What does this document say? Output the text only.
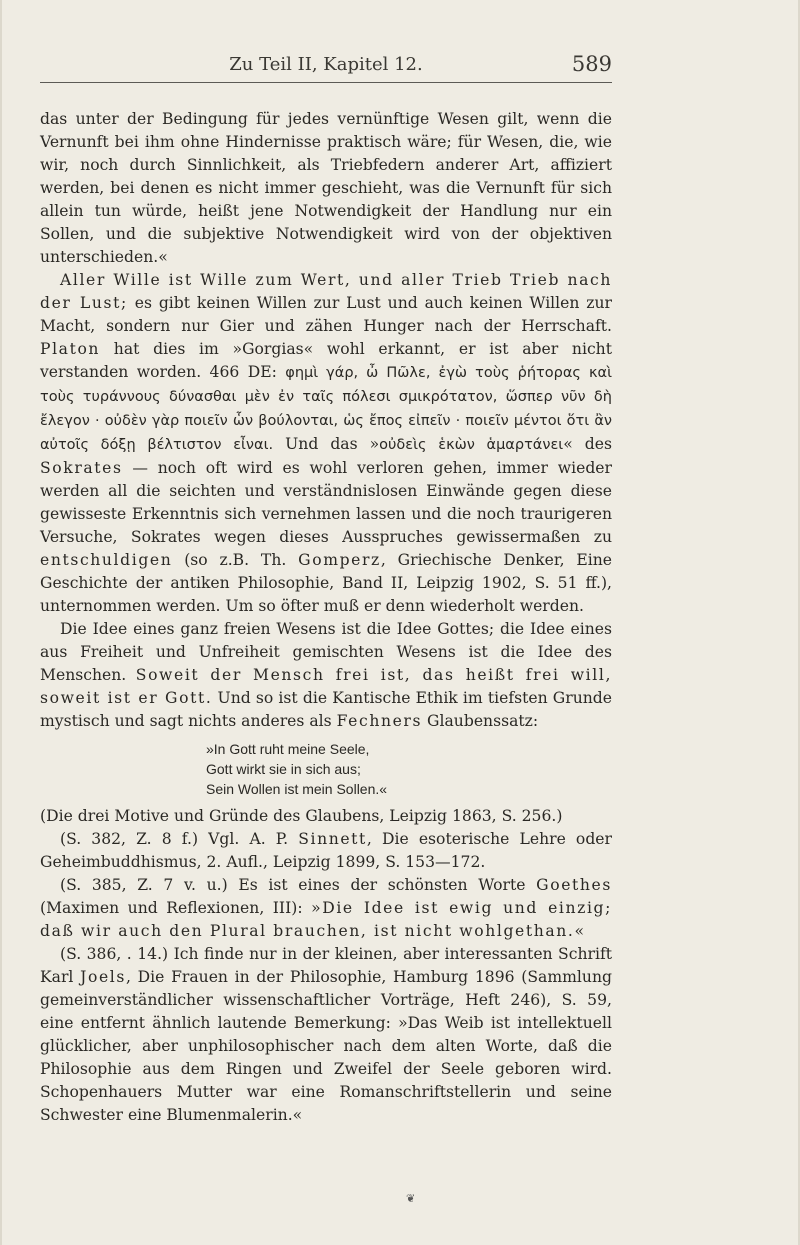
Zu Teil II, Kapitel 12.	589

das unter der Bedingung für jedes vernünftige Wesen gilt, wenn die Vernunft bei ihm ohne Hindernisse praktisch wäre; für Wesen, die, wie wir, noch durch Sinnlichkeit, als Triebfedern anderer Art, affiziert werden, bei denen es nicht immer geschieht, was die Vernunft für sich allein tun würde, heißt jene Notwendigkeit der Handlung nur ein Sollen, und die subjektive Notwendigkeit wird von der objektiven unterschieden.«

Aller Wille ist Wille zum Wert, und aller Trieb Trieb nach der Lust; es gibt keinen Willen zur Lust und auch keinen Willen zur Macht, sondern nur Gier und zähen Hunger nach der Herrschaft. Platon hat dies im »Gorgias« wohl erkannt, er ist aber nicht verstanden worden. 466 DE: φημὶ γάρ, ὦ Πῶλε, ἐγὼ τοὺς ῥήτορας καὶ τοὺς τυράννους δύνασθαι μὲν ἐν ταῖς πόλεσι σμικρότατον, ὥσπερ νῦν δὴ ἔλεγον · οὐδὲν γὰρ ποιεῖν ὧν βούλονται, ὡς ἔπος εἰπεῖν · ποιεῖν μέντοι ὅτι ἂν αὐτοῖς δόξῃ βέλτιστον εἶναι. Und das »οὐδεὶς ἑκὼν ἁμαρτάνει« des Sokrates — noch oft wird es wohl verloren gehen, immer wieder werden all die seichten und verständnislosen Einwände gegen diese gewisseste Erkenntnis sich vernehmen lassen und die noch traurigeren Versuche, Sokrates wegen dieses Ausspruches gewissermaßen zu entschuldigen (so z.B. Th. Gomperz, Griechische Denker, Eine Geschichte der antiken Philosophie, Band II, Leipzig 1902, S. 51 ff.), unternommen werden. Um so öfter muß er denn wiederholt werden.

Die Idee eines ganz freien Wesens ist die Idee Gottes; die Idee eines aus Freiheit und Unfreiheit gemischten Wesens ist die Idee des Menschen. Soweit der Mensch frei ist, das heißt frei will, soweit ist er Gott. Und so ist die Kantische Ethik im tiefsten Grunde mystisch und sagt nichts anderes als Fechners Glaubenssatz:

»In Gott ruht meine Seele,
Gott wirkt sie in sich aus;
Sein Wollen ist mein Sollen.«

(Die drei Motive und Gründe des Glaubens, Leipzig 1863, S. 256.)

(S. 382, Z. 8 f.) Vgl. A. P. Sinnett, Die esoterische Lehre oder Geheimbuddhismus, 2. Aufl., Leipzig 1899, S. 153—172.

(S. 385, Z. 7 v. u.) Es ist eines der schönsten Worte Goethes (Maximen und Reflexionen, III): »Die Idee ist ewig und einzig; daß wir auch den Plural brauchen, ist nicht wohlgethan.«

(S. 386, . 14.) Ich finde nur in der kleinen, aber interessanten Schrift Karl Joels, Die Frauen in der Philosophie, Hamburg 1896 (Sammlung gemeinverständlicher wissenschaftlicher Vorträge, Heft 246), S. 59, eine entfernt ähnlich lautende Bemerkung: »Das Weib ist intellektuell glücklicher, aber unphilosophischer nach dem alten Worte, daß die Philosophie aus dem Ringen und Zweifel der Seele geboren wird. Schopenhauers Mutter war eine Romanschriftstellerin und seine Schwester eine Blumenmalerin.«

❦
